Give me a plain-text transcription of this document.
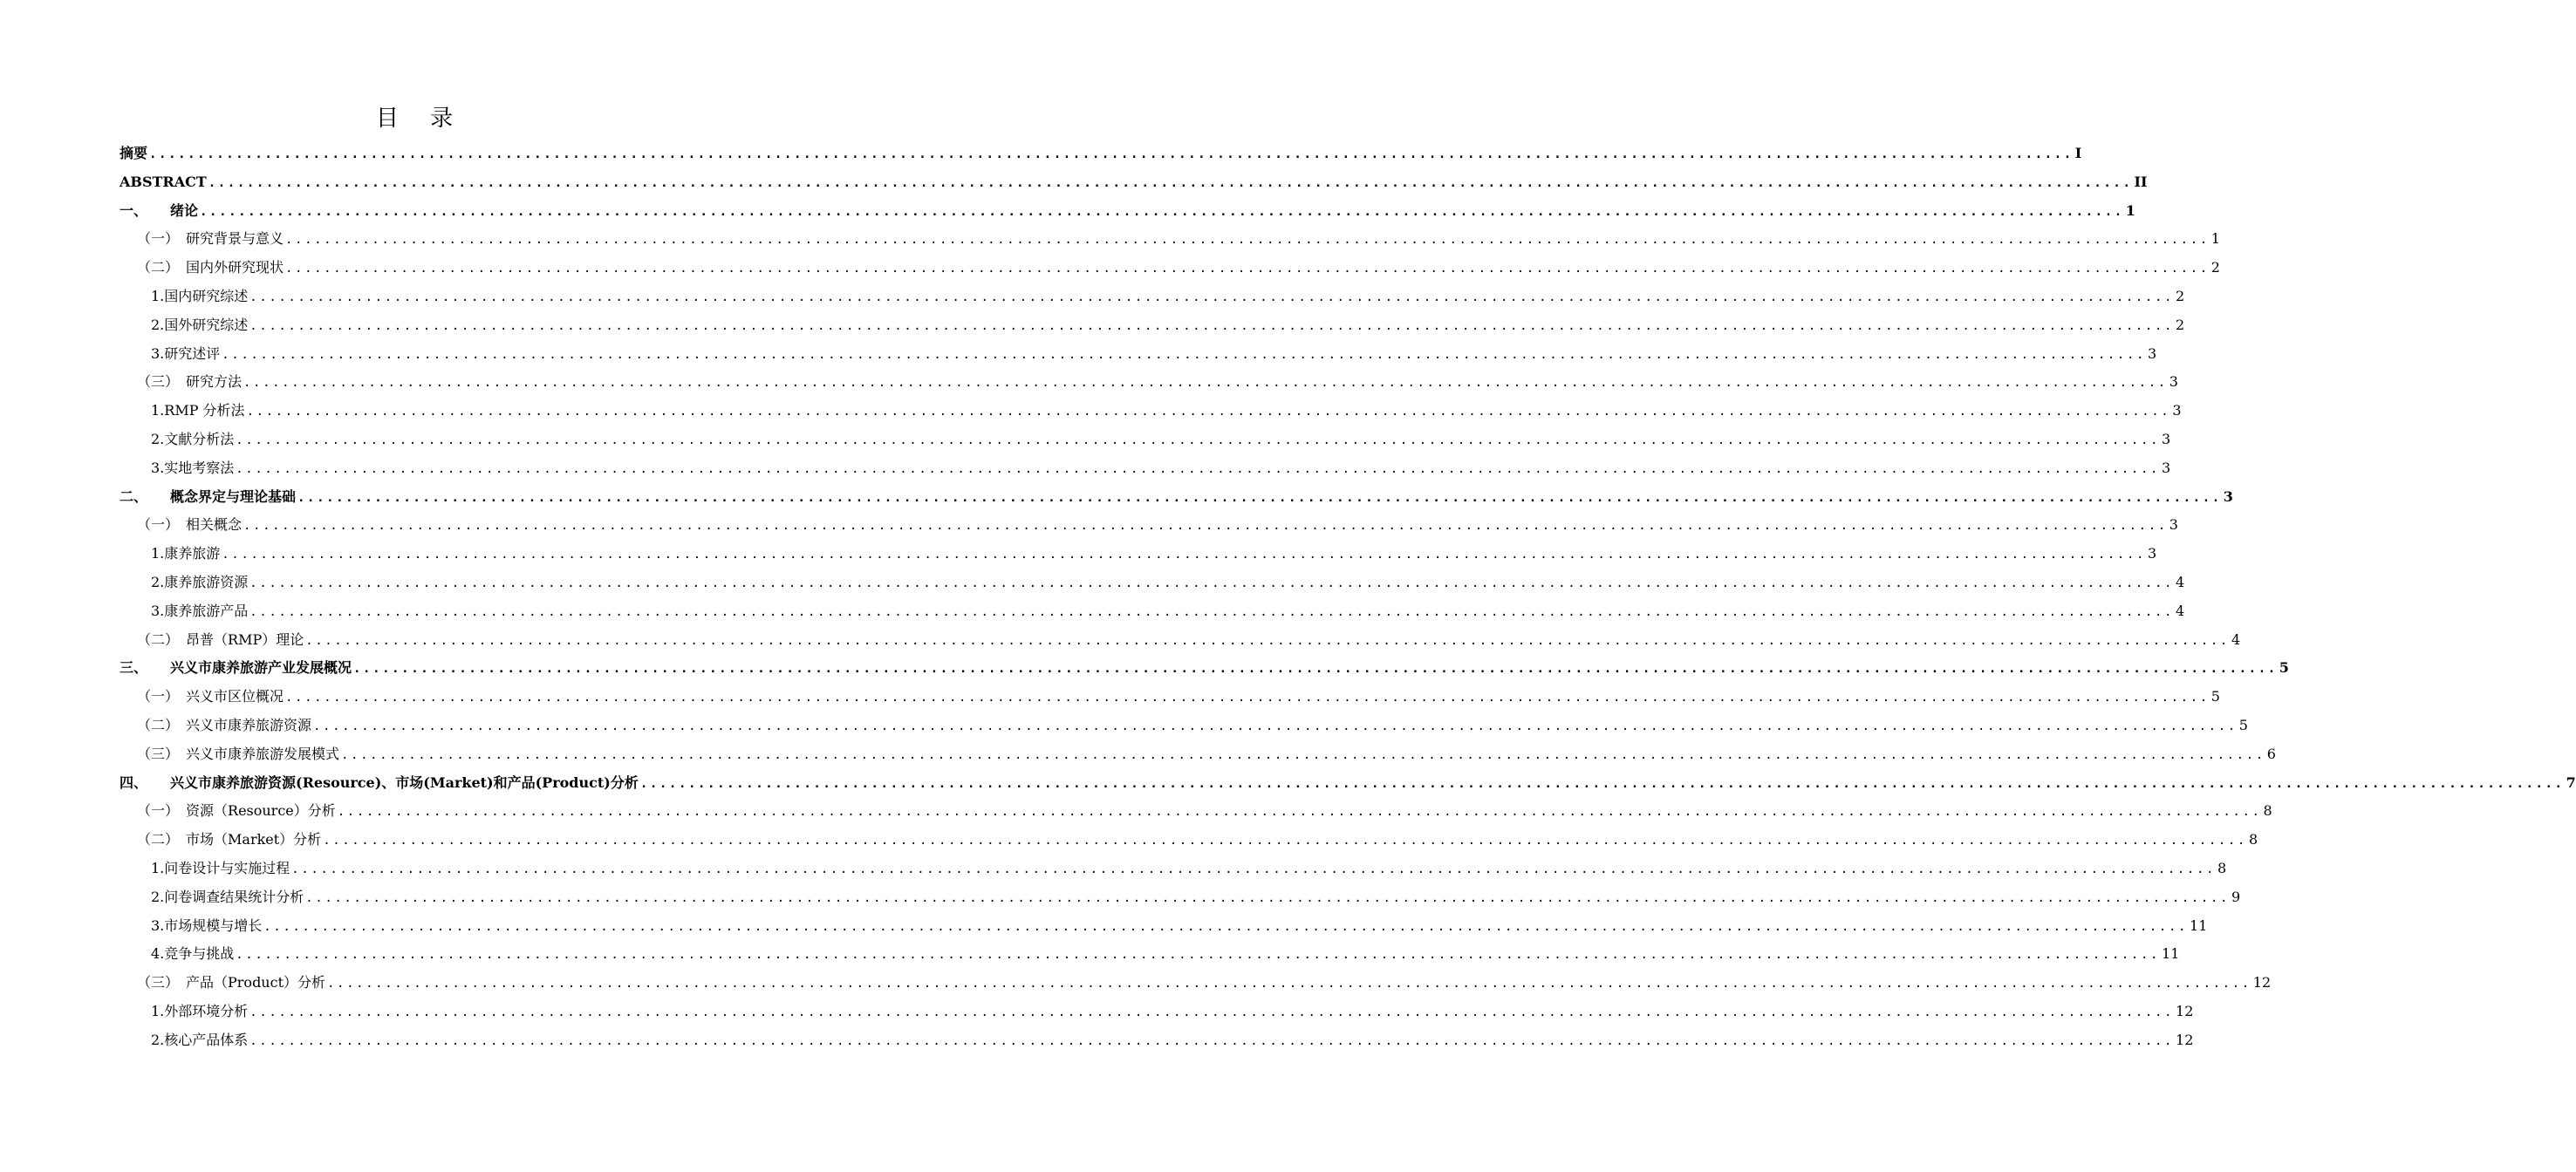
目 录
摘要 ........................................................................................................................................................................................................ I
ABSTRACT ........................................................................................................................................................................................................ II
一、 绪论 ........................................................................................................................................................................................................ 1
（一） 研究背景与意义 ........................................................................................................................................................................................................ 1
（二） 国内外研究现状 ........................................................................................................................................................................................................ 2
1. 国内研究综述 ........................................................................................................................................................................................................ 2
2. 国外研究综述 ........................................................................................................................................................................................................ 2
3. 研究述评 ........................................................................................................................................................................................................ 3
（三） 研究方法 ........................................................................................................................................................................................................ 3
1. RMP 分析法 ........................................................................................................................................................................................................ 3
2. 文献分析法 ........................................................................................................................................................................................................ 3
3. 实地考察法 ........................................................................................................................................................................................................ 3
二、 概念界定与理论基础 ........................................................................................................................................................................................................ 3
（一） 相关概念 ........................................................................................................................................................................................................ 3
1. 康养旅游 ........................................................................................................................................................................................................ 3
2. 康养旅游资源 ........................................................................................................................................................................................................ 4
3. 康养旅游产品 ........................................................................................................................................................................................................ 4
（二） 昂普（RMP）理论 ........................................................................................................................................................................................................ 4
三、 兴义市康养旅游产业发展概况 ........................................................................................................................................................................................................ 5
（一） 兴义市区位概况 ........................................................................................................................................................................................................ 5
（二） 兴义市康养旅游资源 ........................................................................................................................................................................................................ 5
（三） 兴义市康养旅游发展模式 ........................................................................................................................................................................................................ 6
四、 兴义市康养旅游资源(Resource)、市场(Market)和产品(Product)分析 ........................................................................................................................................................................................................ 7
（一） 资源（Resource）分析 ........................................................................................................................................................................................................ 8
（二） 市场（Market）分析 ........................................................................................................................................................................................................ 8
1. 问卷设计与实施过程 ........................................................................................................................................................................................................ 8
2. 问卷调查结果统计分析 ........................................................................................................................................................................................................ 9
3. 市场规模与增长 ........................................................................................................................................................................................................ 11
4. 竞争与挑战 ........................................................................................................................................................................................................ 11
（三） 产品（Product）分析 ........................................................................................................................................................................................................ 12
1. 外部环境分析 ........................................................................................................................................................................................................ 12
2. 核心产品体系 ........................................................................................................................................................................................................ 12
